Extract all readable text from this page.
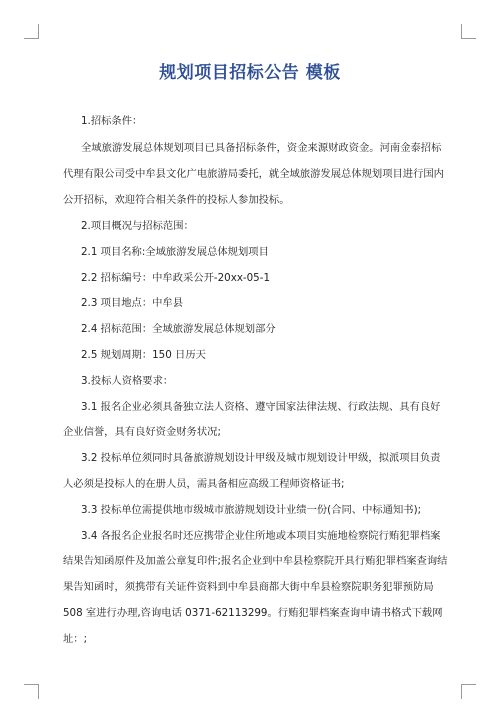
规划项目招标公告 模板
1.招标条件：
全域旅游发展总体规划项目已具备招标条件，资金来源财政资金。河南金泰招标
代理有限公司受中牟县文化广电旅游局委托，就全域旅游发展总体规划项目进行国内
公开招标，欢迎符合相关条件的投标人参加投标。
2.项目概况与招标范围：
2.1 项目名称:全域旅游发展总体规划项目
2.2 招标编号：中牟政采公开-20xx-05-1
2.3 项目地点：中牟县
2.4 招标范围：全域旅游发展总体规划部分
2.5 规划周期：150 日历天
3.投标人资格要求：
3.1 报名企业必须具备独立法人资格、遵守国家法律法规、行政法规、具有良好
企业信誉，具有良好资金财务状况;
3.2 投标单位须同时具备旅游规划设计甲级及城市规划设计甲级，拟派项目负责
人必须是投标人的在册人员，需具备相应高级工程师资格证书;
3.3 投标单位需提供地市级城市旅游规划设计业绩一份(合同、中标通知书);
3.4 各报名企业报名时还应携带企业住所地或本项目实施地检察院行贿犯罪档案
结果告知函原件及加盖公章复印件;报名企业到中牟县检察院开具行贿犯罪档案查询结
果告知函时，须携带有关证件资料到中牟县商都大街中牟县检察院职务犯罪预防局
508 室进行办理,咨询电话 0371-62113299。行贿犯罪档案查询申请书格式下载网
址：;
